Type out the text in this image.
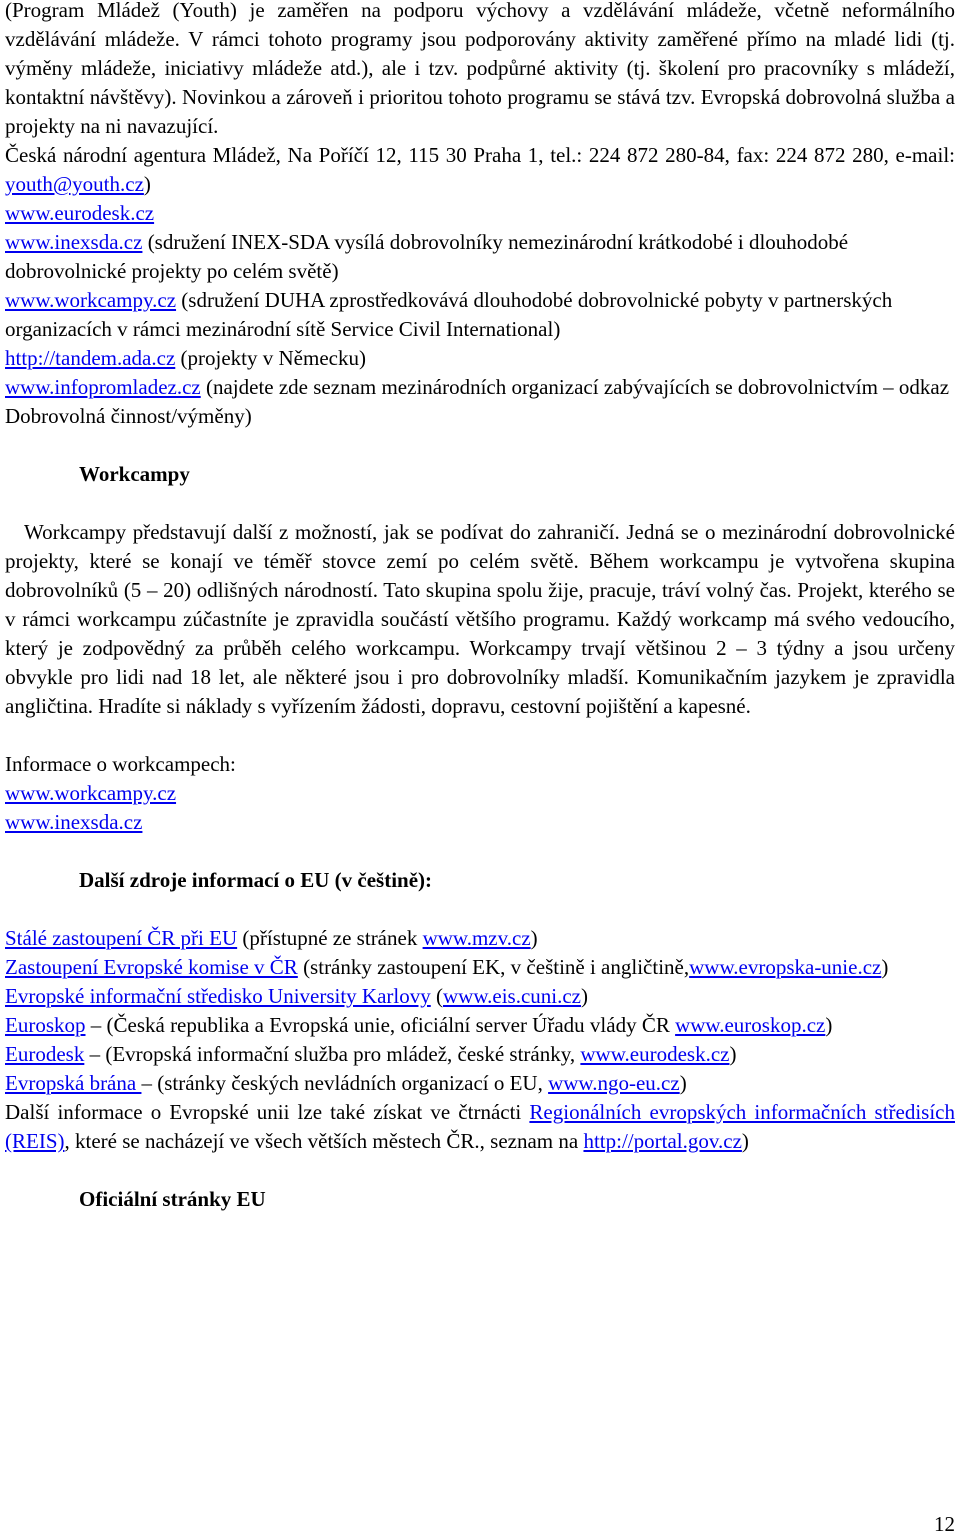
(Program Mládež (Youth) je zaměřen na podporu výchovy a vzdělávání mládeže, včetně neformálního vzdělávání mládeže. V rámci tohoto programy jsou podporovány aktivity zaměřené přímo na mladé lidi (tj. výměny mládeže, iniciativy mládeže atd.), ale i tzv. podpůrné aktivity (tj. školení pro pracovníky s mládeží, kontaktní návštěvy). Novinkou a zároveň i prioritou tohoto programu se stává tzv. Evropská dobrovolná služba a projekty na ni navazující.

Česká národní agentura Mládež, Na Poříčí 12, 115 30 Praha 1, tel.: 224 872 280-84, fax: 224 872 280, e-mail: youth@youth.cz)

www.eurodesk.cz

www.inexsda.cz (sdružení INEX-SDA vysílá dobrovolníky nemezinárodní krátkodobé i dlouhodobé dobrovolnické projekty po celém světě)

www.workcampy.cz (sdružení DUHA zprostředkovává dlouhodobé dobrovolnické pobyty v partnerských organizacích v rámci mezinárodní sítě Service Civil International)

http://tandem.ada.cz (projekty v Německu)

www.infopromladez.cz (najdete zde seznam mezinárodních organizací zabývajících se dobrovolnictvím – odkaz Dobrovolná činnost/výměny)

Workcampy

Workcampy představují další z možností, jak se podívat do zahraničí. Jedná se o mezinárodní dobrovolnické projekty, které se konají ve téměř stovce zemí po celém světě. Během workcampu je vytvořena skupina dobrovolníků (5 – 20) odlišných národností. Tato skupina spolu žije, pracuje, tráví volný čas. Projekt, kterého se v rámci workcampu zúčastníte je zpravidla součástí většího programu. Každý workcamp má svého vedoucího, který je zodpovědný za průběh celého workcampu. Workcampy trvají většinou 2 – 3 týdny a jsou určeny obvykle pro lidi nad 18 let, ale některé jsou i pro dobrovolníky mladší. Komunikačním jazykem je zpravidla angličtina. Hradíte si náklady s vyřízením žádosti, dopravu, cestovní pojištění a kapesné.

Informace o workcampech:

www.workcampy.cz

www.inexsda.cz

Další zdroje informací o EU (v češtině):

Stálé zastoupení ČR při EU (přístupné ze stránek www.mzv.cz)

Zastoupení Evropské komise v ČR (stránky zastoupení EK, v češtině i angličtině,www.evropska-unie.cz)

Evropské informační středisko University Karlovy (www.eis.cuni.cz)

Euroskop – (Česká republika a Evropská unie, oficiální server Úřadu vlády ČR www.euroskop.cz)

Eurodesk – (Evropská informační služba pro mládež, české stránky, www.eurodesk.cz)

Evropská brána – (stránky českých nevládních organizací o EU, www.ngo-eu.cz)

Další informace o Evropské unii lze také získat ve čtrnácti Regionálních evropských informačních středisích (REIS), které se nacházejí ve všech větších městech ČR., seznam na http://portal.gov.cz)

Oficiální stránky EU
12
